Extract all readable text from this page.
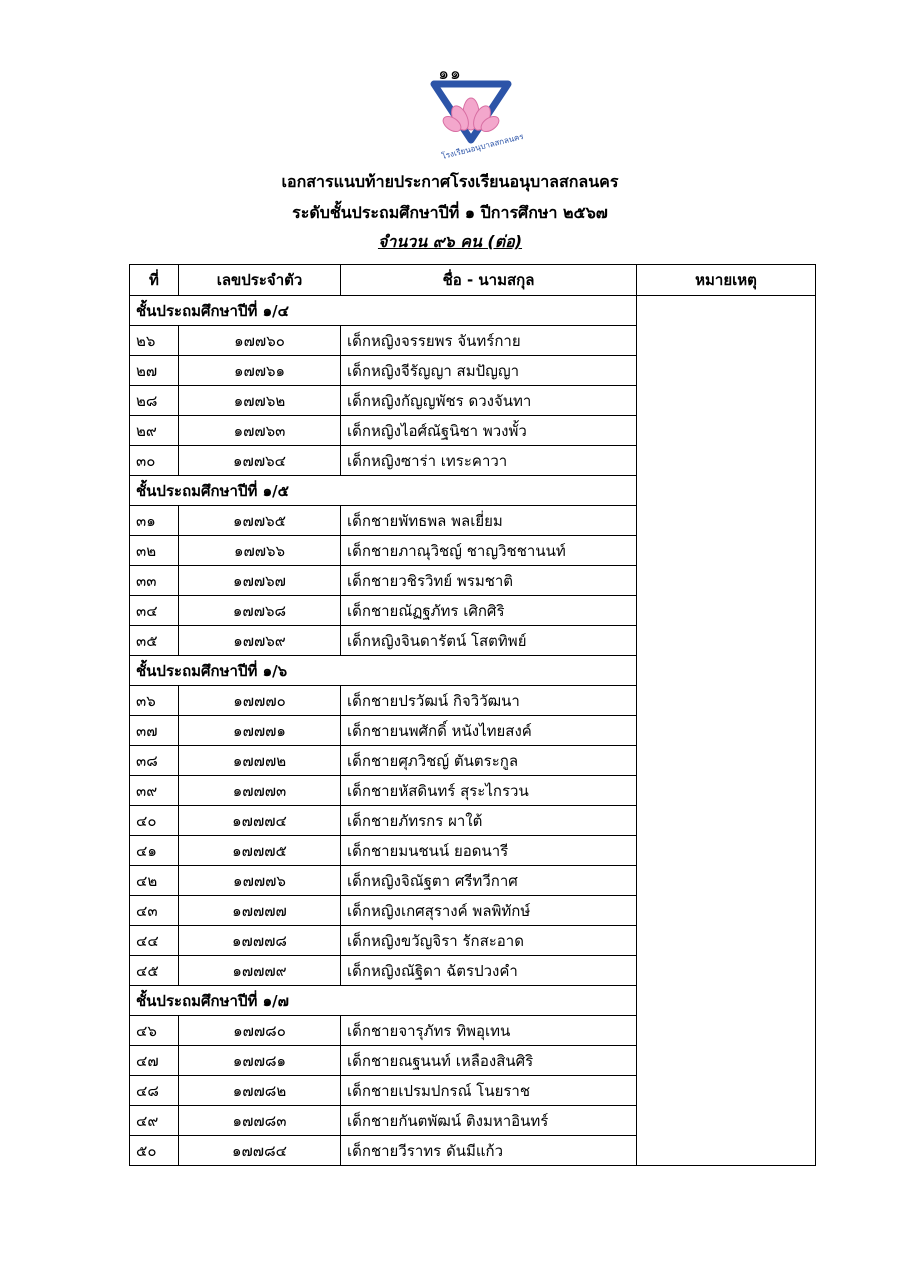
๑๑
โรงเรียนอนุบาลสกลนคร
เอกสารแนบท้ายประกาศโรงเรียนอนุบาลสกลนคร
ระดับชั้นประถมศึกษาปีที่ ๑ ปีการศึกษา ๒๕๖๗
จำนวน ๙๖ คน (ต่อ)
ที่	เลขประจำตัว	ชื่อ - นามสกุล	หมายเหตุ
ชั้นประถมศึกษาปีที่ ๑/๔			
๒๖	๑๗๗๖๐	เด็กหญิงจรรยพร จันทร์กาย	
๒๗	๑๗๗๖๑	เด็กหญิงจีรัญญา สมปัญญา	
๒๘	๑๗๗๖๒	เด็กหญิงกัญญพัชร ดวงจันทา	
๒๙	๑๗๗๖๓	เด็กหญิงไอศ์ณัฐนิชา พวงพั้ว	
๓๐	๑๗๗๖๔	เด็กหญิงซาร่า เทระคาวา	
ชั้นประถมศึกษาปีที่ ๑/๕			
๓๑	๑๗๗๖๕	เด็กชายพัทธพล พลเยี่ยม	
๓๒	๑๗๗๖๖	เด็กชายภาณุวิชญ์ ชาญวิชชานนท์	
๓๓	๑๗๗๖๗	เด็กชายวชิรวิทย์ พรมชาติ	
๓๔	๑๗๗๖๘	เด็กชายณัฏฐภัทร เศิกศิริ	
๓๕	๑๗๗๖๙	เด็กหญิงจินดารัตน์ โสตทิพย์	
ชั้นประถมศึกษาปีที่ ๑/๖			
๓๖	๑๗๗๗๐	เด็กชายปรวัฒน์ กิจวิวัฒนา	
๓๗	๑๗๗๗๑	เด็กชายนพศักดิ์ หนังไทยสงค์	
๓๘	๑๗๗๗๒	เด็กชายศุภวิชญ์ ตันตระกูล	
๓๙	๑๗๗๗๓	เด็กชายหัสดินทร์ สุระไกรวน	
๔๐	๑๗๗๗๔	เด็กชายภัทรกร ผาใต้	
๔๑	๑๗๗๗๕	เด็กชายมนชนน์ ยอดนารี	
๔๒	๑๗๗๗๖	เด็กหญิงจิณัฐตา ศรีทวีกาศ	
๔๓	๑๗๗๗๗	เด็กหญิงเกศสุรางค์ พลพิทักษ์	
๔๔	๑๗๗๗๘	เด็กหญิงขวัญจิรา รักสะอาด	
๔๕	๑๗๗๗๙	เด็กหญิงณัฐิดา ฉัตรปวงคำ	
ชั้นประถมศึกษาปีที่ ๑/๗			
๔๖	๑๗๗๘๐	เด็กชายจารุภัทร ทิพอุเทน	
๔๗	๑๗๗๘๑	เด็กชายณฐนนท์ เหลืองสินศิริ	
๔๘	๑๗๗๘๒	เด็กชายเปรมปกรณ์ โนยราช	
๔๙	๑๗๗๘๓	เด็กชายกันตพัฒน์ ติงมหาอินทร์	
๕๐	๑๗๗๘๔	เด็กชายวีราทร ดันมีแก้ว	
